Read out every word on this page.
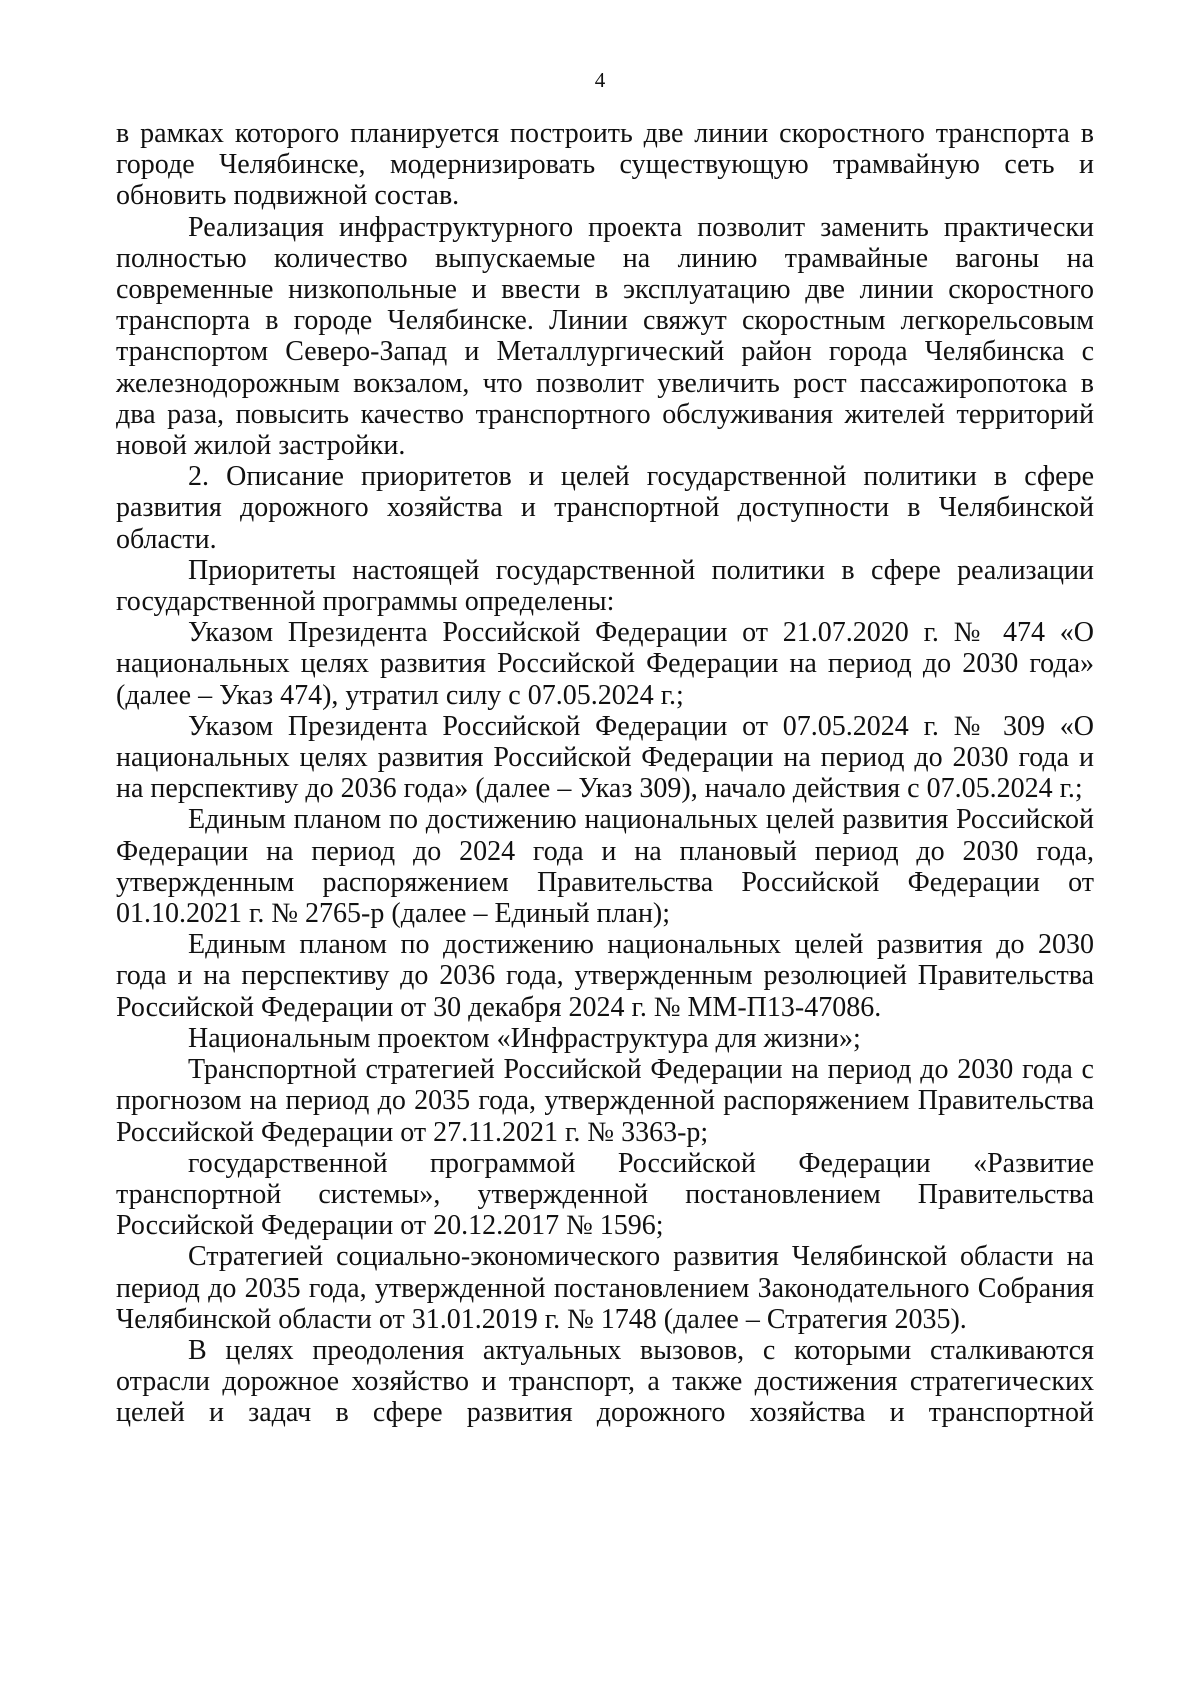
4

в рамках которого планируется построить две линии скоростного транспорта в городе Челябинске, модернизировать существующую трамвайную сеть и обновить подвижной состав.

Реализация инфраструктурного проекта позволит заменить практически полностью количество выпускаемые на линию трамвайные вагоны на современные низкопольные и ввести в эксплуатацию две линии скоростного транспорта в городе Челябинске. Линии свяжут скоростным легкорельсовым транспортом Северо-Запад и Металлургический район города Челябинска с железнодорожным вокзалом, что позволит увеличить рост пассажиропотока в два раза, повысить качество транспортного обслуживания жителей территорий новой жилой застройки.

2. Описание приоритетов и целей государственной политики в сфере развития дорожного хозяйства и транспортной доступности в Челябинской области.

Приоритеты настоящей государственной политики в сфере реализации государственной программы определены:

Указом Президента Российской Федерации от 21.07.2020 г. № 474 «О национальных целях развития Российской Федерации на период до 2030 года» (далее – Указ 474), утратил силу с 07.05.2024 г.;

Указом Президента Российской Федерации от 07.05.2024 г. № 309 «О национальных целях развития Российской Федерации на период до 2030 года и на перспективу до 2036 года» (далее – Указ 309), начало действия с 07.05.2024 г.;

Единым планом по достижению национальных целей развития Российской Федерации на период до 2024 года и на плановый период до 2030 года, утвержденным распоряжением Правительства Российской Федерации от 01.10.2021 г. № 2765-р (далее – Единый план);

Единым планом по достижению национальных целей развития до 2030 года и на перспективу до 2036 года, утвержденным резолюцией Правительства Российской Федерации от 30 декабря 2024 г. № ММ-П13-47086.

Национальным проектом «Инфраструктура для жизни»;

Транспортной стратегией Российской Федерации на период до 2030 года с прогнозом на период до 2035 года, утвержденной распоряжением Правительства Российской Федерации от 27.11.2021 г. № 3363-р;

государственной программой Российской Федерации «Развитие транспортной системы», утвержденной постановлением Правительства Российской Федерации от 20.12.2017 № 1596;

Стратегией социально-экономического развития Челябинской области на период до 2035 года, утвержденной постановлением Законодательного Собрания Челябинской области от 31.01.2019 г. № 1748 (далее – Стратегия 2035).

В целях преодоления актуальных вызовов, с которыми сталкиваются отрасли дорожное хозяйство и транспорт, а также достижения стратегических целей и задач в сфере развития дорожного хозяйства и транспортной
